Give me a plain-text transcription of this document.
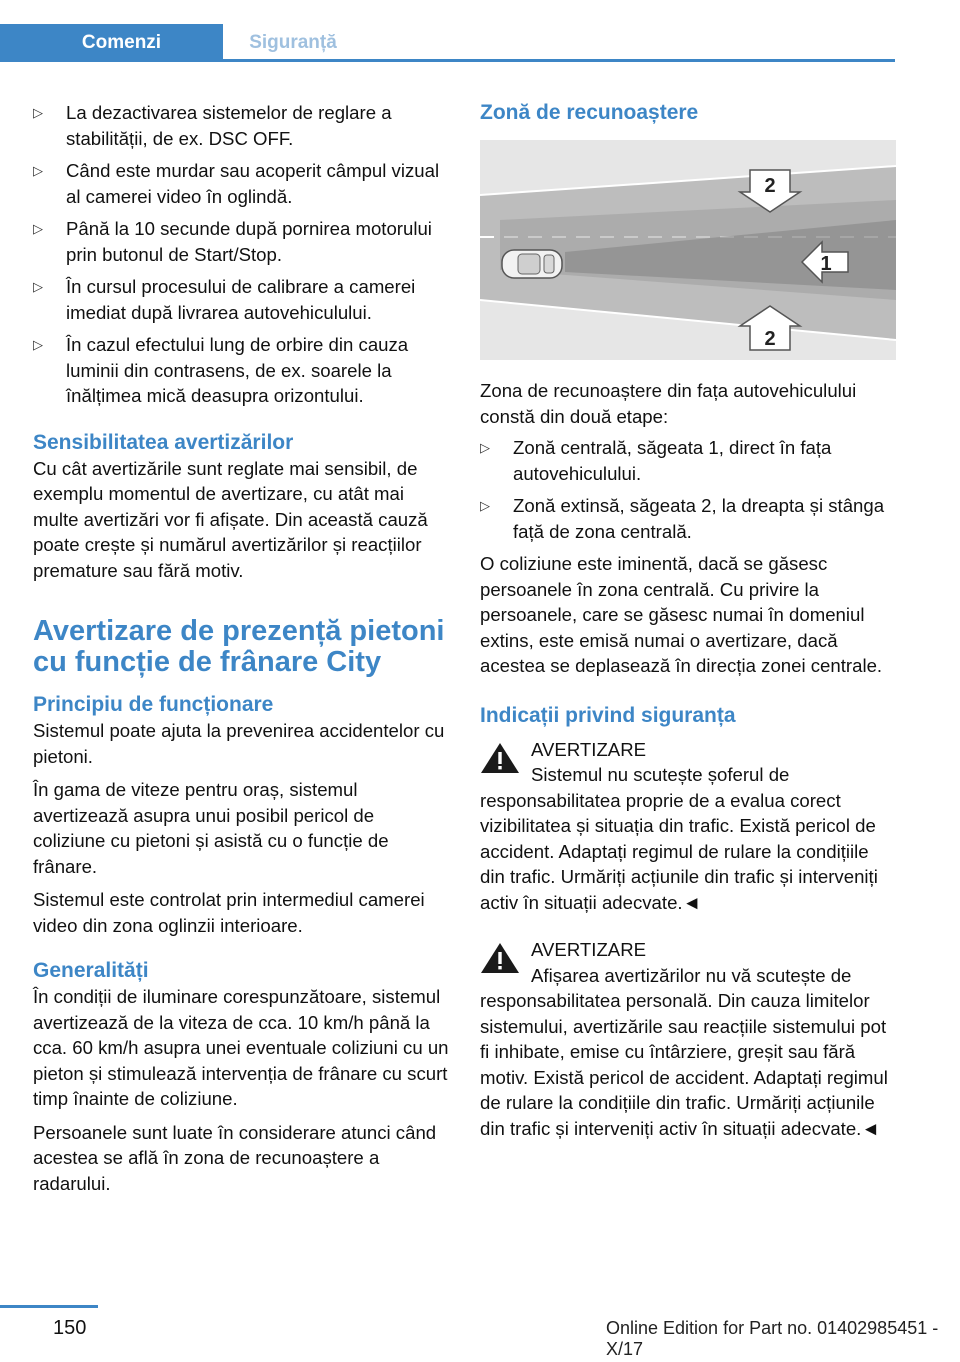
Comenzi	Siguranță
▷ La dezactivarea sistemelor de reglare a stabilității, de ex. DSC OFF.
▷ Când este murdar sau acoperit câmpul vizual al camerei video în oglindă.
▷ Până la 10 secunde după pornirea motorului prin butonul de Start/Stop.
▷ În cursul procesului de calibrare a camerei imediat după livrarea autovehiculului.
▷ În cazul efectului lung de orbire din cauza luminii din contrasens, de ex. soarele la înălțimea mică deasupra orizontului.
Sensibilitatea avertizărilor

Cu cât avertizările sunt reglate mai sensibil, de exemplu momentul de avertizare, cu atât mai multe avertizări vor fi afișate. Din această cauză poate crește și numărul avertizărilor și reacțiilor premature sau fără motiv.

Avertizare de prezență pietoni cu funcție de frânare City
Principiu de funcționare

Sistemul poate ajuta la prevenirea accidentelor cu pietoni.

În gama de viteze pentru oraș, sistemul avertizează asupra unui posibil pericol de coliziune cu pietoni și asistă cu o funcție de frânare.

Sistemul este controlat prin intermediul camerei video din zona oglinzii interioare.

Generalități

În condiții de iluminare corespunzătoare, sistemul avertizează de la viteza de cca. 10 km/h până la cca. 60 km/h asupra unei eventuale coliziuni cu un pieton și stimulează intervenția de frânare cu scurt timp înainte de coliziune.

Persoanele sunt luate în considerare atunci când acestea se află în zona de recunoaștere a radarului.

Zonă de recunoaștere
2
1
2

Zona de recunoaștere din fața autovehiculului constă din două etape:

▷ Zonă centrală, săgeata 1, direct în fața autovehiculului.
▷ Zonă extinsă, săgeata 2, la dreapta și stânga față de zona centrală.

O coliziune este iminentă, dacă se găsesc persoanele în zona centrală. Cu privire la persoanele, care se găsesc numai în domeniul extins, este emisă numai o avertizare, dacă acestea se deplasează în direcția zonei centrale.

Indicații privind siguranța
AVERTIZARE

Sistemul nu scutește șoferul de responsabilitatea proprie de a evalua corect vizibilitatea și situația din trafic. Există pericol de accident. Adaptați regimul de rulare la condițiile din trafic. Urmăriți acțiunile din trafic și interveniți activ în situații adecvate.◄

AVERTIZARE

Afișarea avertizărilor nu vă scutește de responsabilitatea personală. Din cauza limitelor sistemului, avertizările sau reacțiile sistemului pot fi inhibate, emise cu întârziere, greșit sau fără motiv. Există pericol de accident. Adaptați regimul de rulare la condițiile din trafic. Urmăriți acțiunile din trafic și interveniți activ în situații adecvate.◄

150	Online Edition for Part no. 01402985451 - X/17
